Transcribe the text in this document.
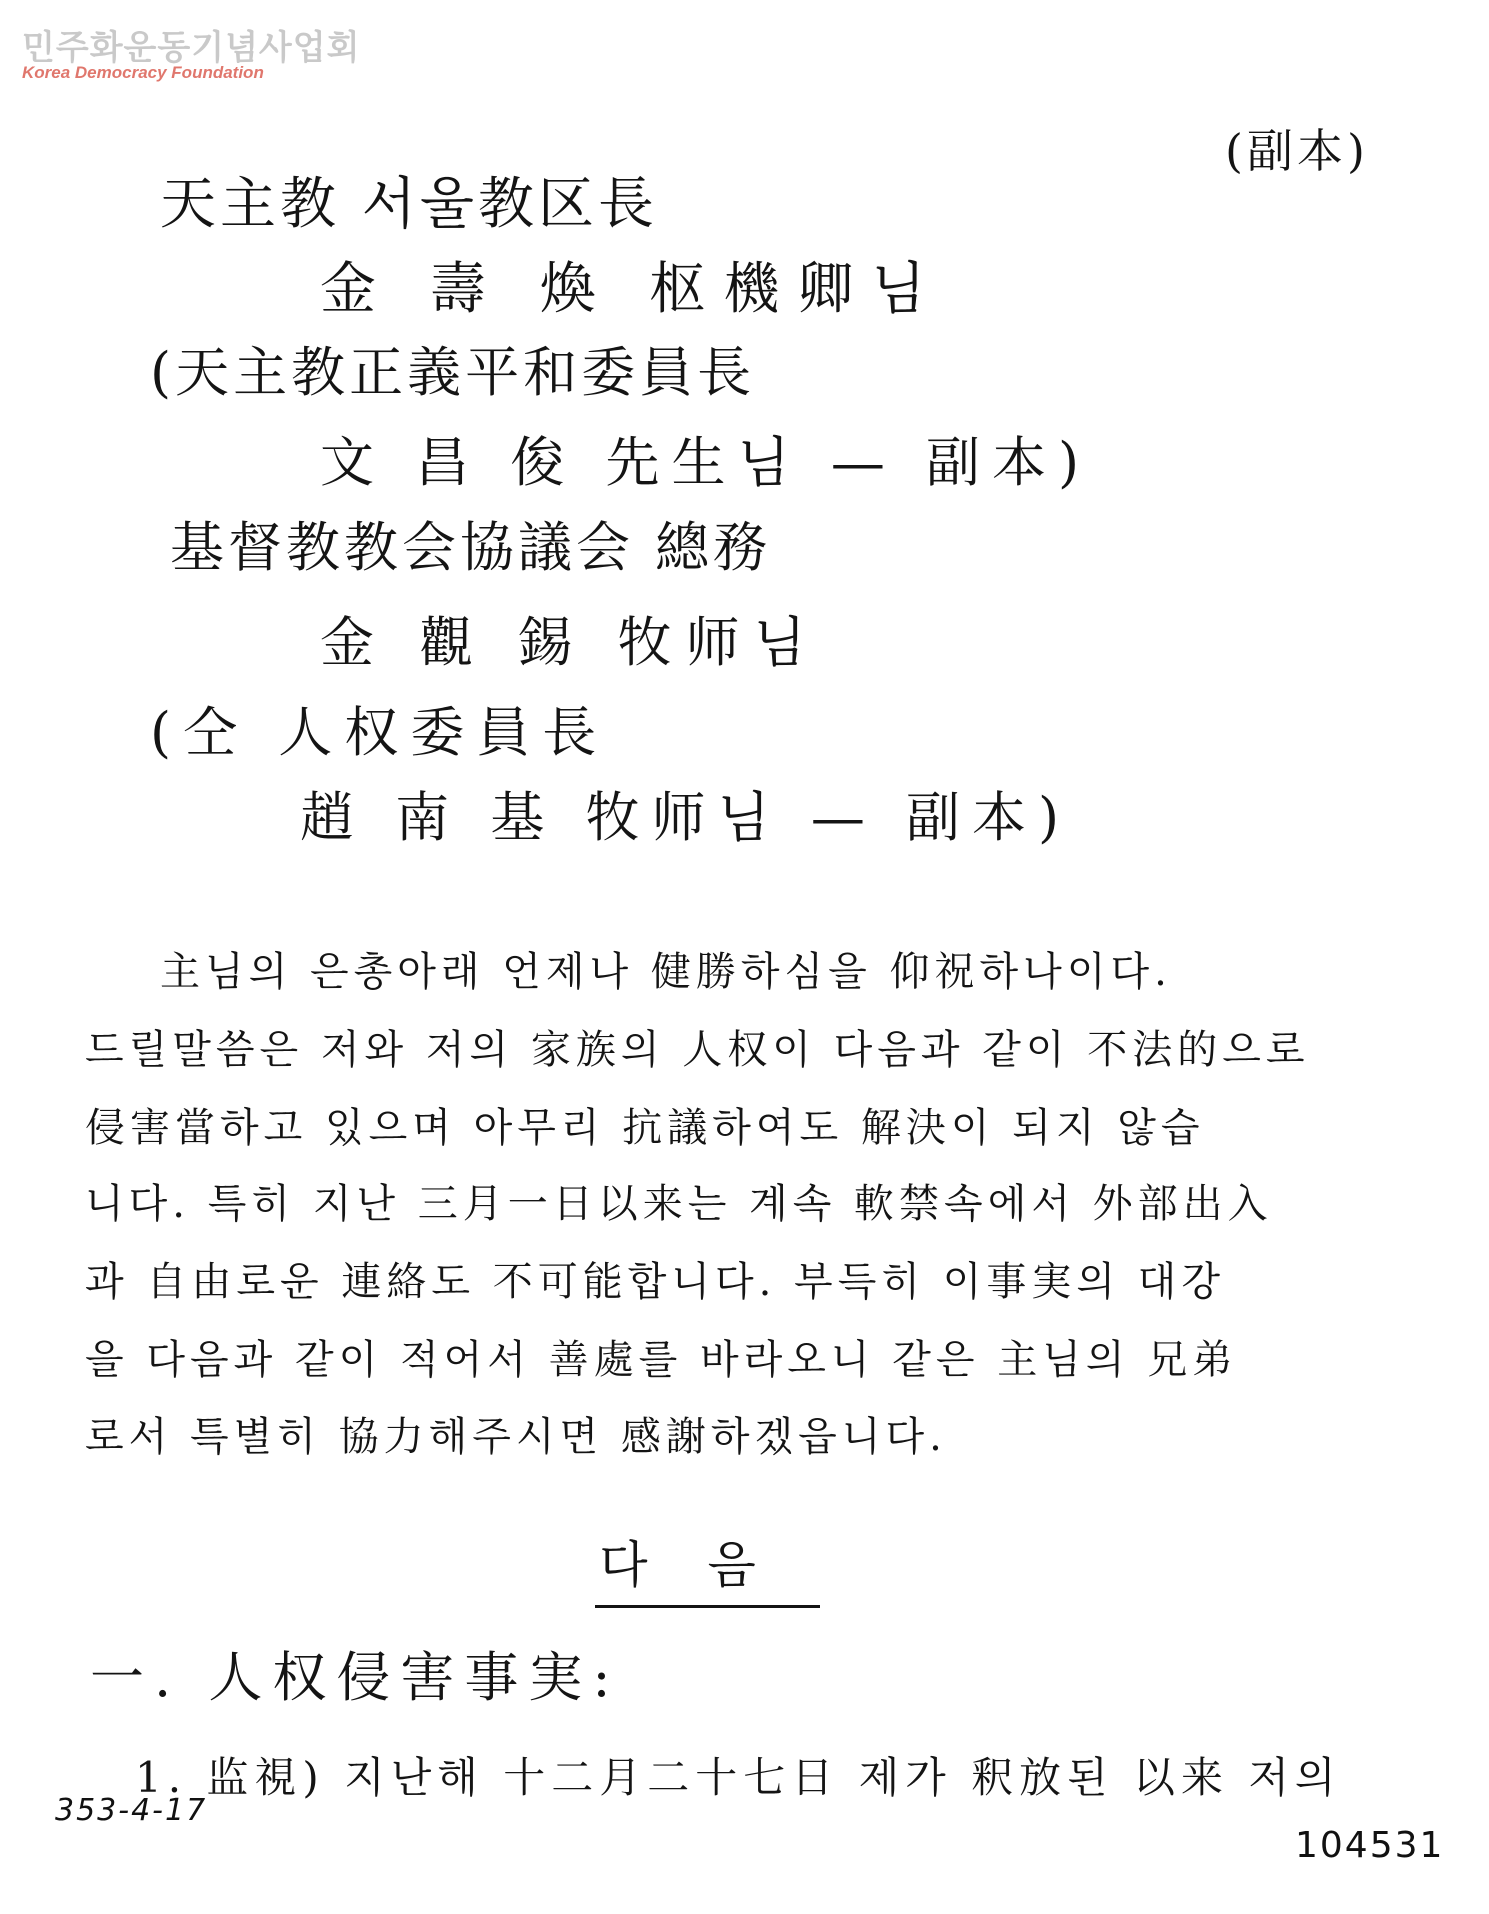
민주화운동기념사업회
Korea Democracy Foundation
(副本)
天主教 서울教区長
金 壽 煥 枢機卿님
(天主教正義平和委員長
文 昌 俊 先生님 — 副本)
基督教教会協議会 總務
金 觀 錫 牧师님
(仝 人权委員長
趙 南 基 牧师님 — 副本)
主님의 은총아래 언제나 健勝하심을 仰祝하나이다.
드릴말씀은 저와 저의 家族의 人权이 다음과 같이 不法的으로
侵害當하고 있으며 아무리 抗議하여도 解決이 되지 않습
니다. 특히 지난 三月一日以来는 계속 軟禁속에서 外部出入
과 自由로운 連絡도 不可能합니다. 부득히 이事実의 대강
을 다음과 같이 적어서 善處를 바라오니 같은 主님의 兄弟
로서 특별히 協力해주시면 感謝하겠읍니다.
다음
一. 人权侵害事実:
1. 监視) 지난해 十二月二十七日 제가 釈放된 以来 저의
353-4-17
104531
